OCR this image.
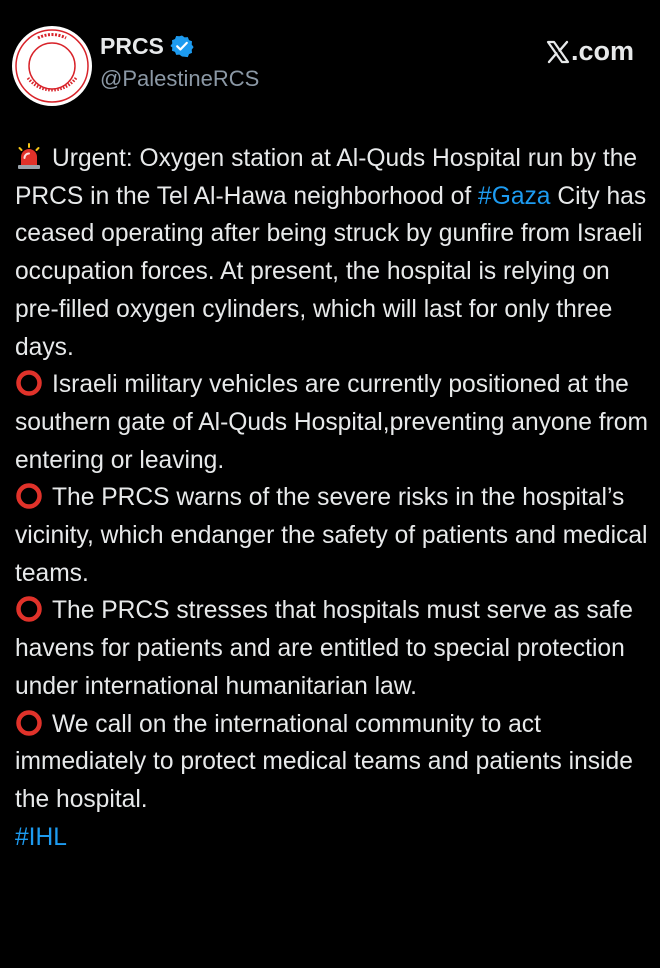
PRCS
@PalestineRCS
.com

Urgent: Oxygen station at Al-Quds Hospital run by the PRCS in the Tel Al-Hawa neighborhood of #Gaza City has ceased operating after being struck by gunfire from Israeli occupation forces. At present, the hospital is relying on pre-filled oxygen cylinders, which will last for only three days.

Israeli military vehicles are currently positioned at the southern gate of Al-Quds Hospital,preventing anyone from entering or leaving.

The PRCS warns of the severe risks in the hospital’s vicinity, which endanger the safety of patients and medical teams.

The PRCS stresses that hospitals must serve as safe havens for patients and are entitled to special protection under international humanitarian law.

We call on the international community to act immediately to protect medical teams and patients inside the hospital.

#IHL
